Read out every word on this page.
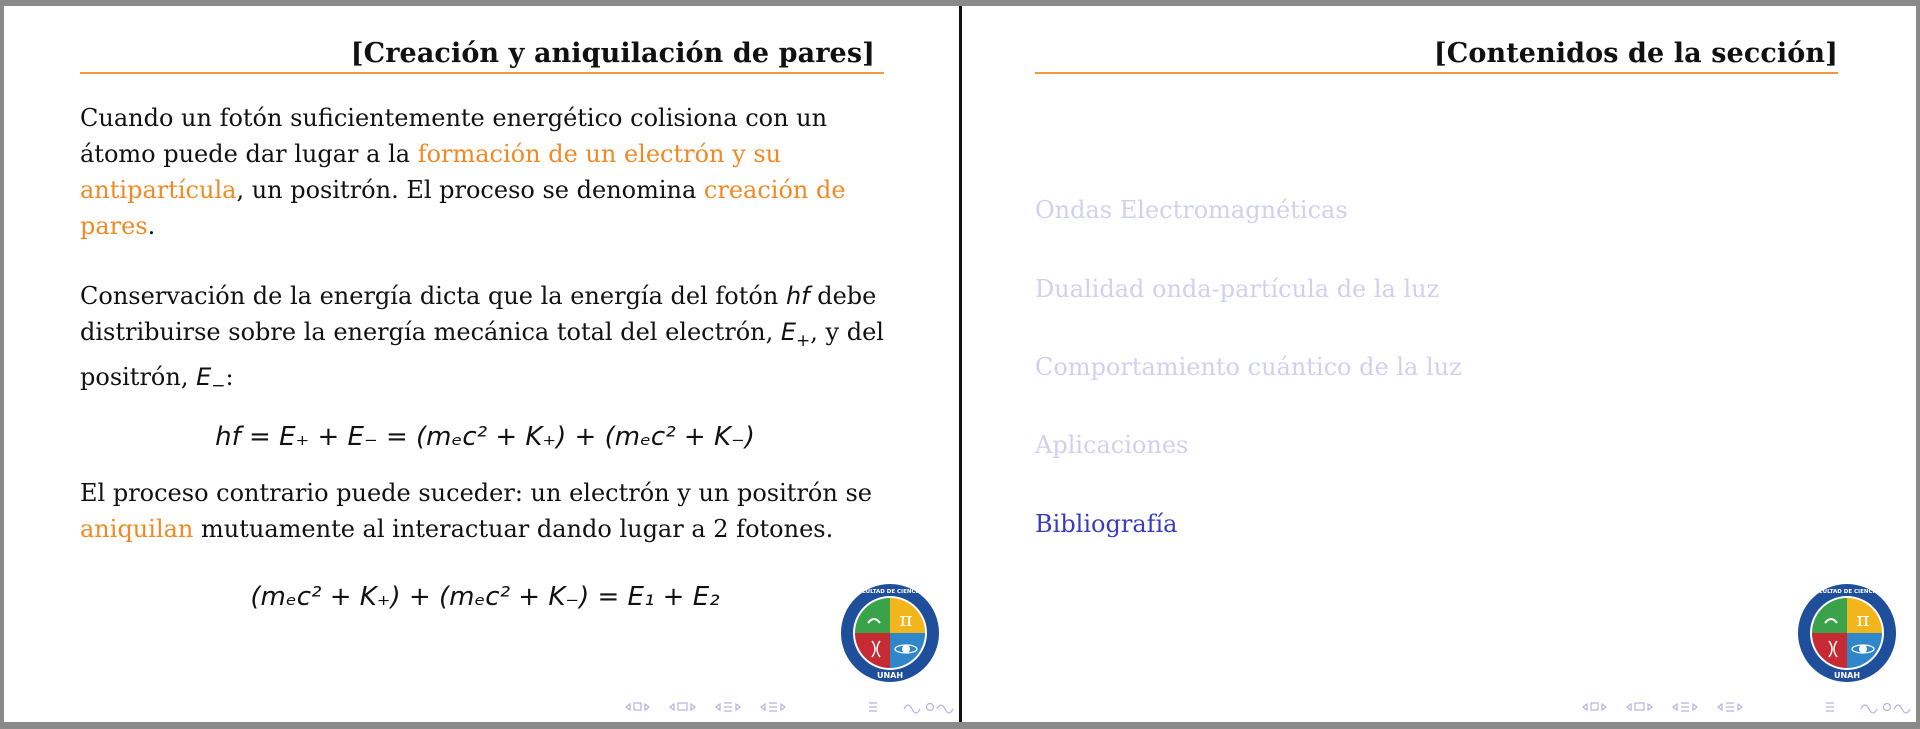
[Creación y aniquilación de pares]

Cuando un fotón suficientemente energético colisiona con un átomo puede dar lugar a la formación de un electrón y su antipartícula, un positrón. El proceso se denomina creación de pares.

Conservación de la energía dicta que la energía del fotón hf debe distribuirse sobre la energía mecánica total del electrón, $E_+$, y del positrón, $E_-$:

hf = E₊ + E₋ = (mₑc² + K₊) + (mₑc² + K₋)

El proceso contrario puede suceder: un electrón y un positrón se aniquilan mutuamente al interactuar dando lugar a 2 fotones.

(mₑc² + K₊) + (mₑc² + K₋) = E₁ + E₂
π
FACULTAD DE CIENCIAS
UNAH
[Contenidos de la sección]
Ondas Electromagnéticas
Dualidad onda-partícula de la luz
Comportamiento cuántico de la luz
Aplicaciones
Bibliografía
π
FACULTAD DE CIENCIAS
UNAH
